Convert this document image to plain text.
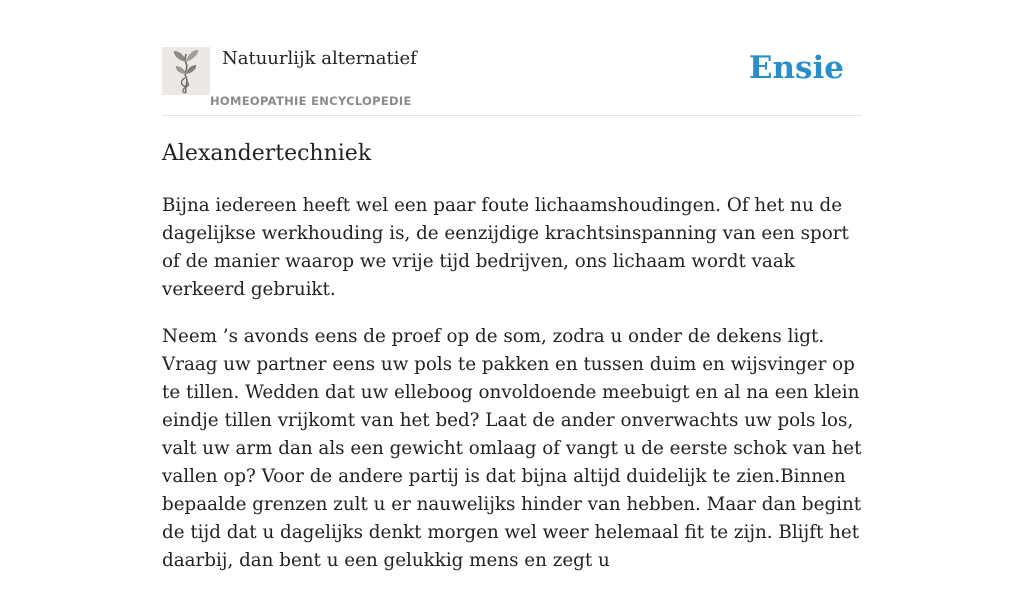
Natuurlijk alternatief
HOMEOPATHIE ENCYCLOPEDIE
Ensie
Alexandertechniek

Bijna iedereen heeft wel een paar foute lichaamshoudingen. Of het nu de dagelijkse werkhouding is, de eenzijdige krachtsinspanning van een sport of de manier waarop we vrije tijd bedrijven, ons lichaam wordt vaak verkeerd gebruikt.

Neem ’s avonds eens de proef op de som, zodra u onder de dekens ligt. Vraag uw partner eens uw pols te pakken en tussen duim en wijsvinger op te tillen. Wedden dat uw elleboog onvoldoende meebuigt en al na een klein eindje tillen vrijkomt van het bed? Laat de ander onverwachts uw pols los, valt uw arm dan als een gewicht omlaag of vangt u de eerste schok van het vallen op? Voor de andere partij is dat bijna altijd duidelijk te zien.Binnen bepaalde grenzen zult u er nauwelijks hinder van hebben. Maar dan begint de tijd dat u dagelijks denkt morgen wel weer helemaal fit te zijn. Blijft het daarbij, dan bent u een gelukkig mens en zegt u
